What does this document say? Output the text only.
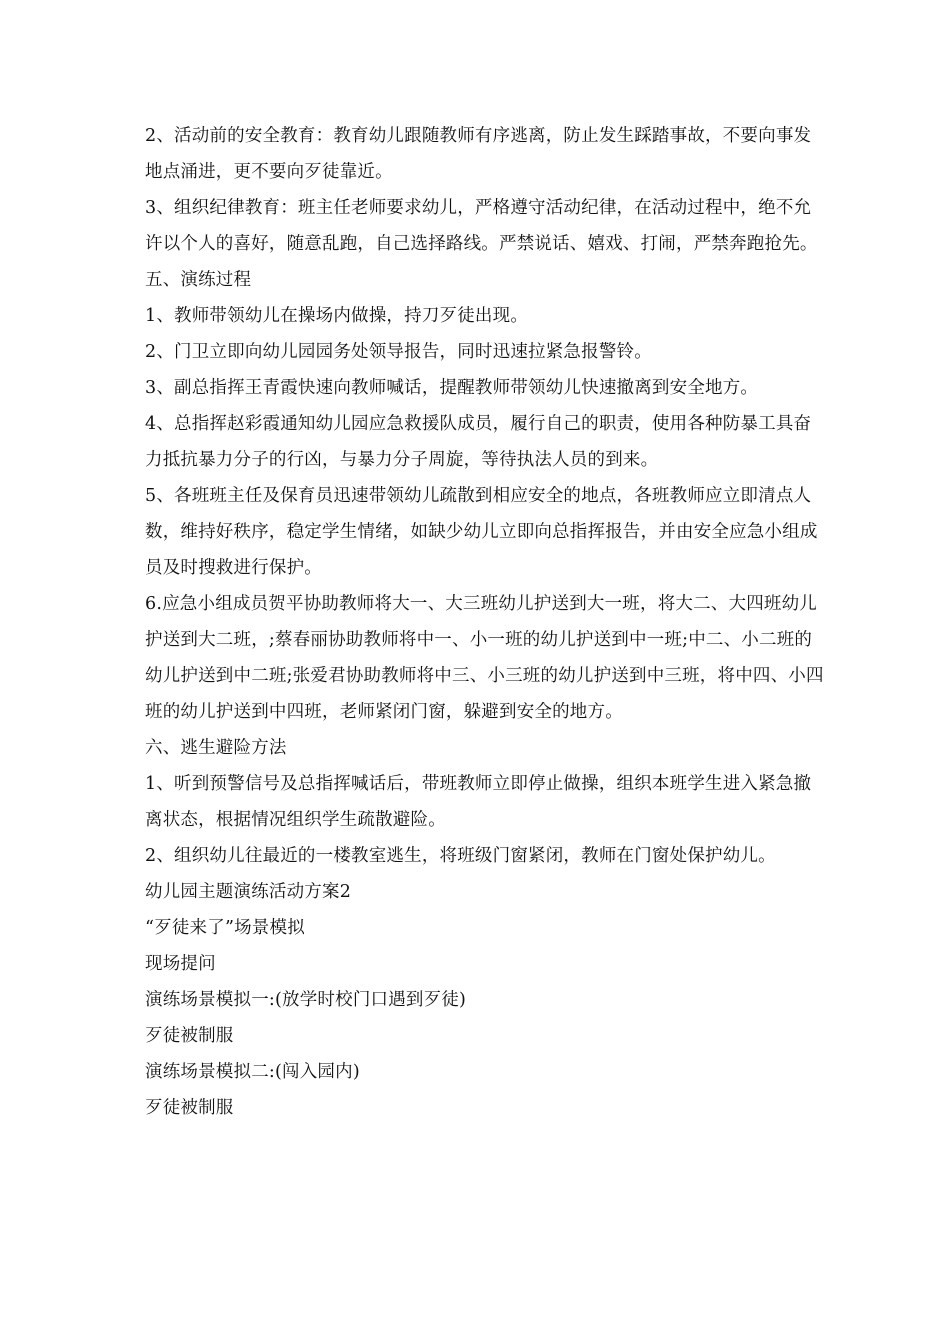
2、活动前的安全教育：教育幼儿跟随教师有序逃离，防止发生踩踏事故，不要向事发地点涌进，更不要向歹徒靠近。

3、组织纪律教育：班主任老师要求幼儿，严格遵守活动纪律，在活动过程中，绝不允许以个人的喜好，随意乱跑，自己选择路线。严禁说话、嬉戏、打闹，严禁奔跑抢先。

五、演练过程

1、教师带领幼儿在操场内做操，持刀歹徒出现。

2、门卫立即向幼儿园园务处领导报告，同时迅速拉紧急报警铃。

3、副总指挥王青霞快速向教师喊话，提醒教师带领幼儿快速撤离到安全地方。

4、总指挥赵彩霞通知幼儿园应急救援队成员，履行自己的职责，使用各种防暴工具奋力抵抗暴力分子的行凶，与暴力分子周旋，等待执法人员的到来。

5、各班班主任及保育员迅速带领幼儿疏散到相应安全的地点，各班教师应立即清点人数，维持好秩序，稳定学生情绪，如缺少幼儿立即向总指挥报告，并由安全应急小组成员及时搜救进行保护。

6.应急小组成员贺平协助教师将大一、大三班幼儿护送到大一班，将大二、大四班幼儿护送到大二班，;蔡春丽协助教师将中一、小一班的幼儿护送到中一班;中二、小二班的幼儿护送到中二班;张爱君协助教师将中三、小三班的幼儿护送到中三班，将中四、小四班的幼儿护送到中四班，老师紧闭门窗，躲避到安全的地方。

六、逃生避险方法

1、听到预警信号及总指挥喊话后，带班教师立即停止做操，组织本班学生进入紧急撤离状态，根据情况组织学生疏散避险。

2、组织幼儿往最近的一楼教室逃生，将班级门窗紧闭，教师在门窗处保护幼儿。

幼儿园主题演练活动方案2

“歹徒来了”场景模拟

现场提问

演练场景模拟一:(放学时校门口遇到歹徒)

歹徒被制服

演练场景模拟二:(闯入园内)

歹徒被制服
